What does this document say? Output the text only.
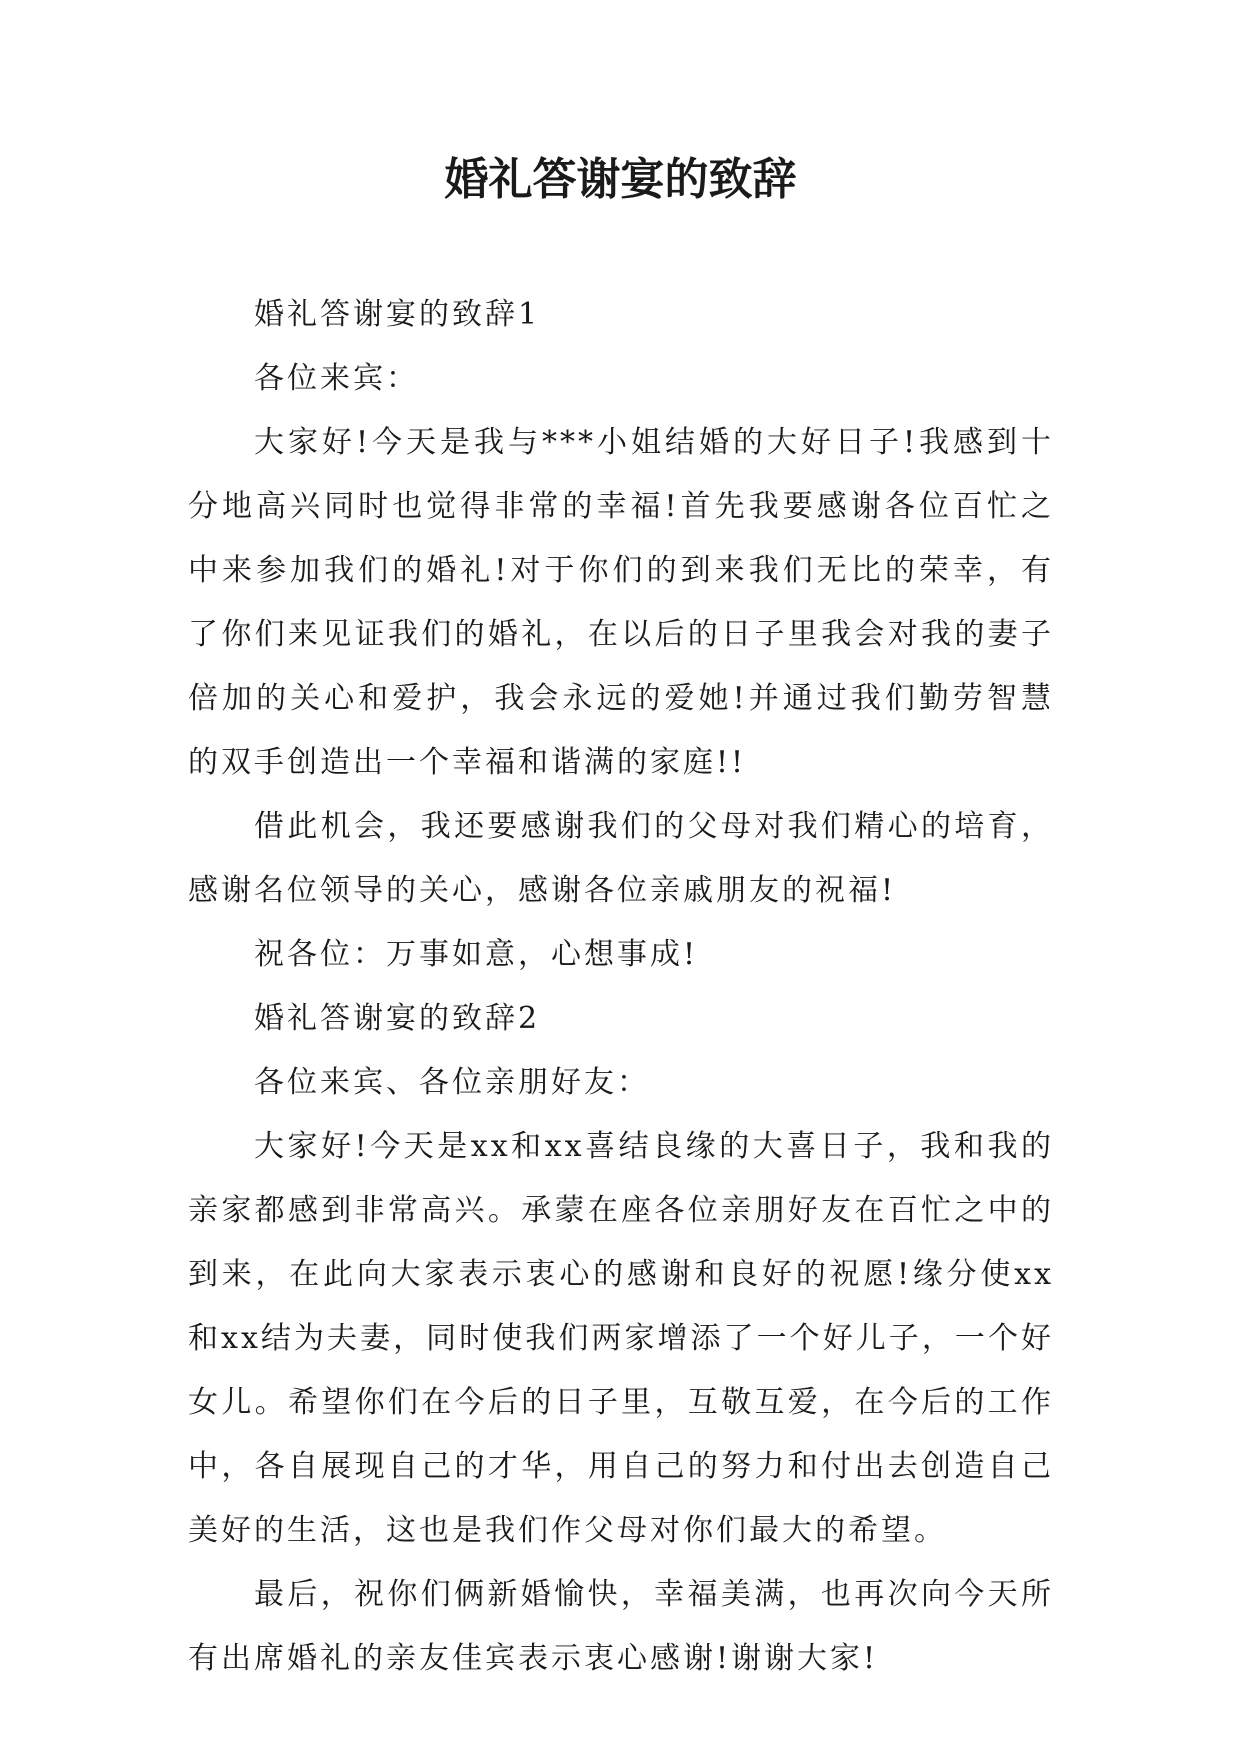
婚礼答谢宴的致辞

婚礼答谢宴的致辞1

各位来宾：

大家好!今天是我与***小姐结婚的大好日子!我感到十分地高兴同时也觉得非常的幸福!首先我要感谢各位百忙之中来参加我们的婚礼!对于你们的到来我们无比的荣幸，有了你们来见证我们的婚礼，在以后的日子里我会对我的妻子倍加的关心和爱护，我会永远的爱她!并通过我们勤劳智慧的双手创造出一个幸福和谐满的家庭!!

借此机会，我还要感谢我们的父母对我们精心的培育，感谢名位领导的关心，感谢各位亲戚朋友的祝福!

祝各位：万事如意，心想事成!

婚礼答谢宴的致辞2

各位来宾、各位亲朋好友：

大家好!今天是xx和xx喜结良缘的大喜日子，我和我的亲家都感到非常高兴。承蒙在座各位亲朋好友在百忙之中的到来，在此向大家表示衷心的感谢和良好的祝愿!缘分使xx和xx结为夫妻，同时使我们两家增添了一个好儿子，一个好女儿。希望你们在今后的日子里，互敬互爱，在今后的工作中，各自展现自己的才华，用自己的努力和付出去创造自己美好的生活，这也是我们作父母对你们最大的希望。

最后，祝你们俩新婚愉快，幸福美满，也再次向今天所有出席婚礼的亲友佳宾表示衷心感谢!谢谢大家!
